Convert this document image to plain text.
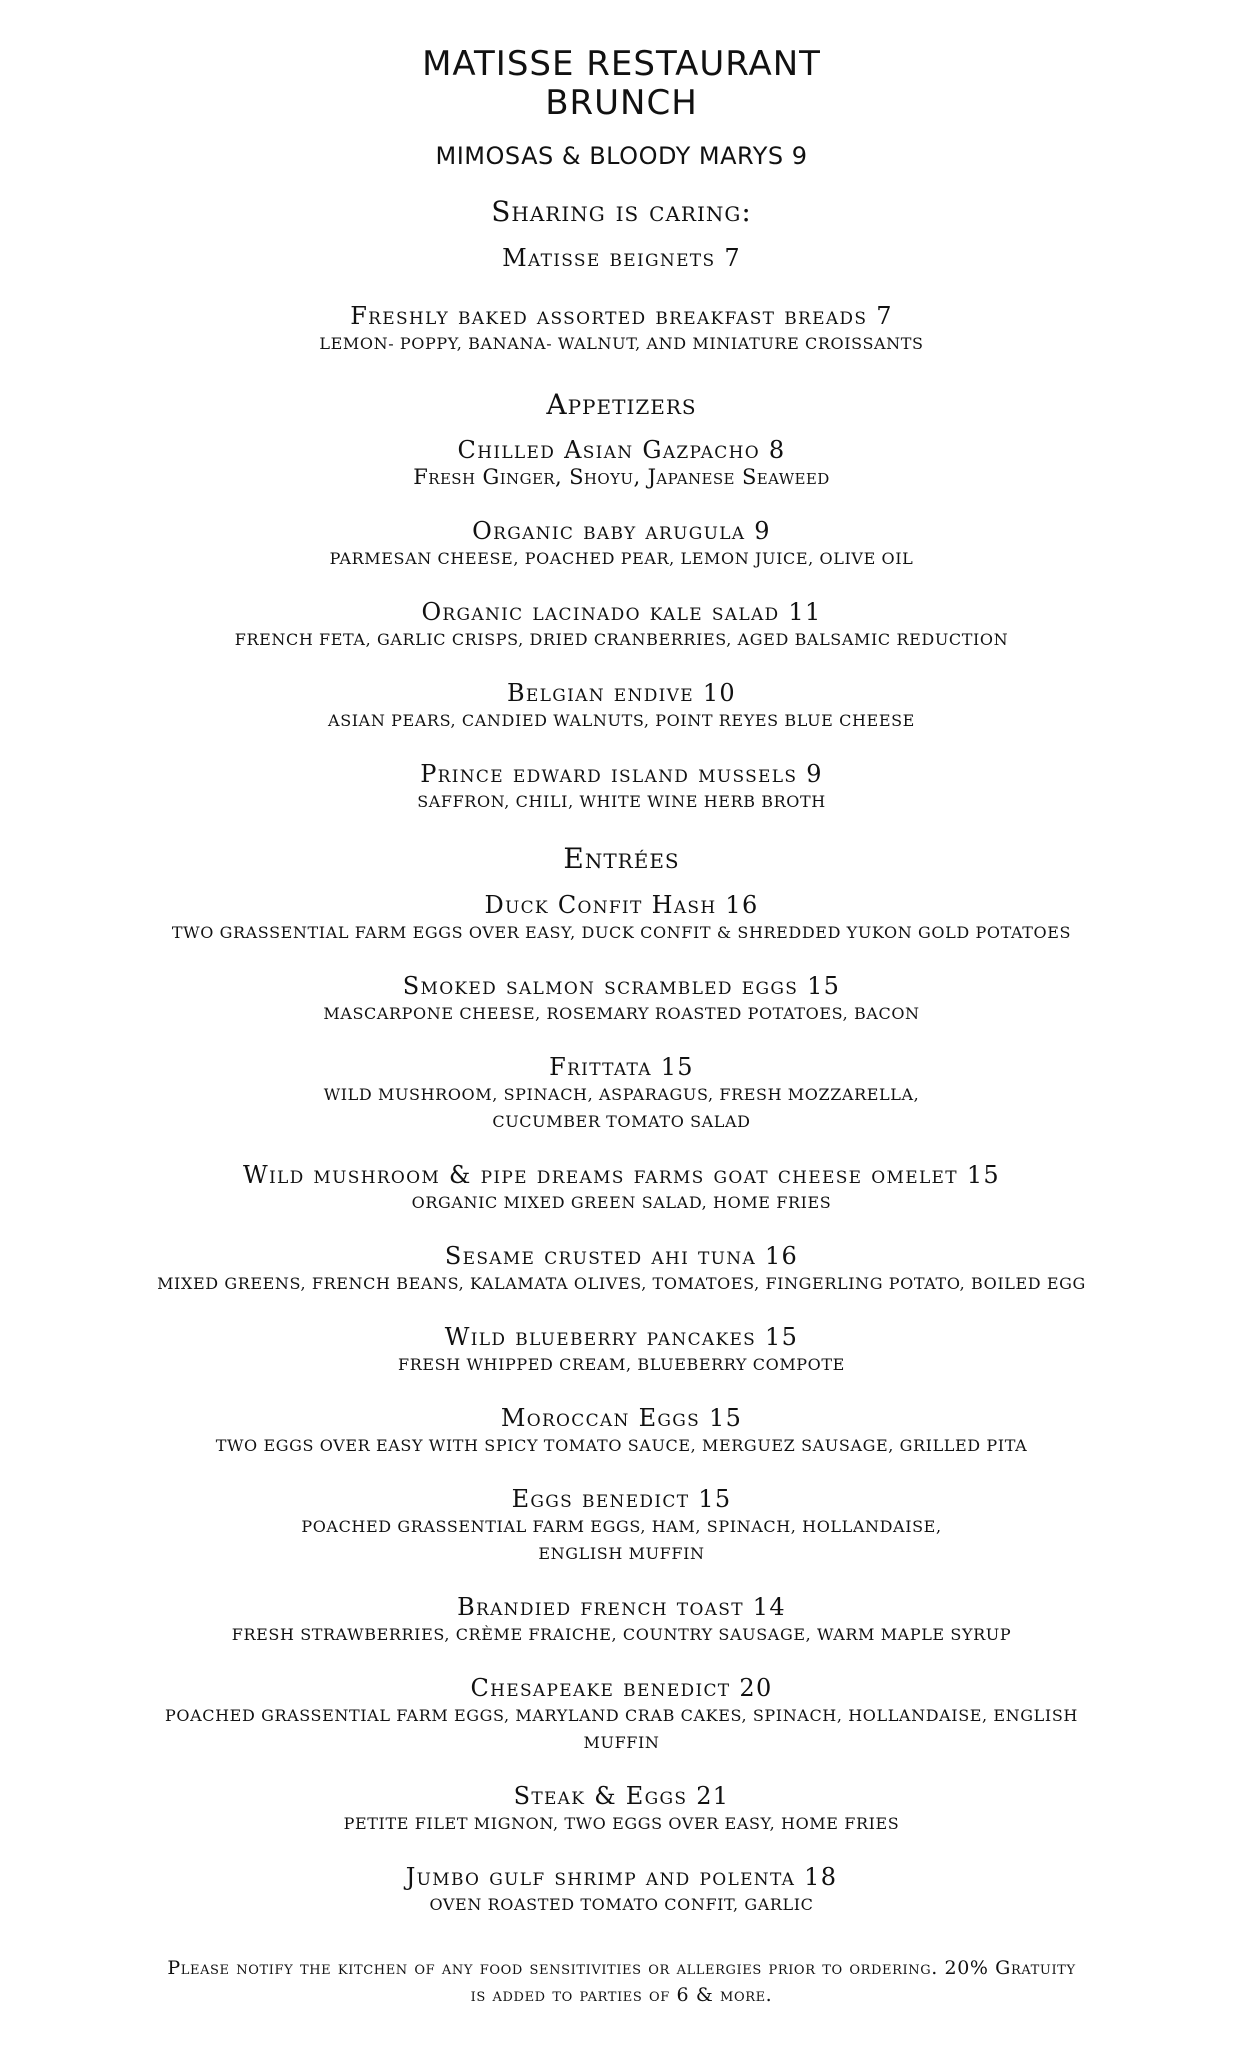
MATISSE RESTAURANT
BRUNCH
MIMOSAS & BLOODY MARYS 9
Sharing is caring:
Matisse beignets 7
Freshly baked assorted breakfast breads 7
LEMON- POPPY, BANANA- WALNUT, AND MINIATURE CROISSANTS
Appetizers
Chilled Asian Gazpacho 8
Fresh Ginger, Shoyu, Japanese Seaweed
Organic baby arugula 9
PARMESAN CHEESE, POACHED PEAR, LEMON JUICE, OLIVE OIL
Organic lacinado kale salad 11
FRENCH FETA, GARLIC CRISPS, DRIED CRANBERRIES, AGED BALSAMIC REDUCTION
Belgian endive 10
ASIAN PEARS, CANDIED WALNUTS, POINT REYES BLUE CHEESE
Prince edward island mussels 9
SAFFRON, CHILI, WHITE WINE HERB BROTH
Entrées
Duck Confit Hash 16
TWO GRASSENTIAL FARM EGGS OVER EASY, DUCK CONFIT & SHREDDED YUKON GOLD POTATOES
Smoked salmon scrambled eggs 15
MASCARPONE CHEESE, ROSEMARY ROASTED POTATOES, BACON
Frittata 15
WILD MUSHROOM, SPINACH, ASPARAGUS, FRESH MOZZARELLA,
CUCUMBER TOMATO SALAD
Wild mushroom & pipe dreams farms goat cheese omelet 15
ORGANIC MIXED GREEN SALAD, HOME FRIES
Sesame crusted ahi tuna 16
MIXED GREENS, FRENCH BEANS, KALAMATA OLIVES, TOMATOES, FINGERLING POTATO, BOILED EGG
Wild blueberry pancakes 15
FRESH WHIPPED CREAM, BLUEBERRY COMPOTE
Moroccan Eggs 15
TWO EGGS OVER EASY WITH SPICY TOMATO SAUCE, MERGUEZ SAUSAGE, GRILLED PITA
Eggs benedict 15
POACHED GRASSENTIAL FARM EGGS, HAM, SPINACH, HOLLANDAISE,
ENGLISH MUFFIN
Brandied french toast 14
FRESH STRAWBERRIES, CRÈME FRAICHE, COUNTRY SAUSAGE, WARM MAPLE SYRUP
Chesapeake benedict 20
POACHED GRASSENTIAL FARM EGGS, MARYLAND CRAB CAKES, SPINACH, HOLLANDAISE, ENGLISH
MUFFIN
Steak & Eggs 21
PETITE FILET MIGNON, TWO EGGS OVER EASY, HOME FRIES
Jumbo gulf shrimp and polenta 18
OVEN ROASTED TOMATO CONFIT, GARLIC
Please notify the kitchen of any food sensitivities or allergies prior to ordering. 20% Gratuity
is added to parties of 6 & more.
